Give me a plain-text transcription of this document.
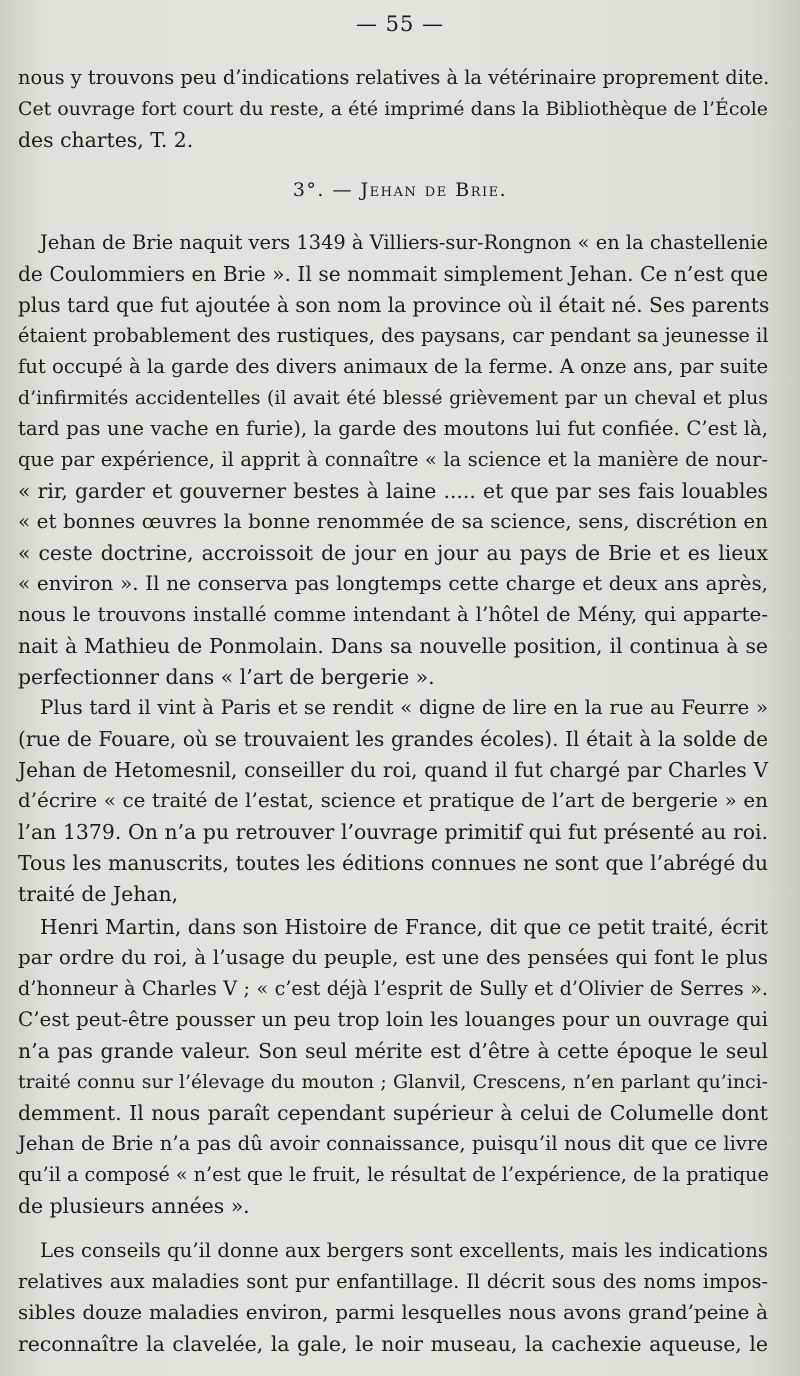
— 55 —
nous y trouvons peu d’indications relatives à la vétérinaire proprement dite.
Cet ouvrage fort court du reste, a été imprimé dans la Bibliothèque de l’École
des chartes, T. 2.
3°. — Jehan de Brie.
Jehan de Brie naquit vers 1349 à Villiers-sur-Rongnon « en la chastellenie
de Coulommiers en Brie ». Il se nommait simplement Jehan. Ce n’est que
plus tard que fut ajoutée à son nom la province où il était né. Ses parents
étaient probablement des rustiques, des paysans, car pendant sa jeunesse il
fut occupé à la garde des divers animaux de la ferme. A onze ans, par suite
d’infirmités accidentelles (il avait été blessé grièvement par un cheval et plus
tard pas une vache en furie), la garde des moutons lui fut confiée. C’est là,
que par expérience, il apprit à connaître « la science et la manière de nour-
« rir, garder et gouverner bestes à laine ..... et que par ses fais louables
« et bonnes œuvres la bonne renommée de sa science, sens, discrétion en
« ceste doctrine, accroissoit de jour en jour au pays de Brie et es lieux
« environ ». Il ne conserva pas longtemps cette charge et deux ans après,
nous le trouvons installé comme intendant à l’hôtel de Mény, qui apparte-
nait à Mathieu de Ponmolain. Dans sa nouvelle position, il continua à se
perfectionner dans « l’art de bergerie ».
Plus tard il vint à Paris et se rendit « digne de lire en la rue au Feurre »
(rue de Fouare, où se trouvaient les grandes écoles). Il était à la solde de
Jehan de Hetomesnil, conseiller du roi, quand il fut chargé par Charles V
d’écrire « ce traité de l’estat, science et pratique de l’art de bergerie » en
l’an 1379. On n’a pu retrouver l’ouvrage primitif qui fut présenté au roi.
Tous les manuscrits, toutes les éditions connues ne sont que l’abrégé du
traité de Jehan,
Henri Martin, dans son Histoire de France, dit que ce petit traité, écrit
par ordre du roi, à l’usage du peuple, est une des pensées qui font le plus
d’honneur à Charles V ; « c’est déjà l’esprit de Sully et d’Olivier de Serres ».
C’est peut-être pousser un peu trop loin les louanges pour un ouvrage qui
n’a pas grande valeur. Son seul mérite est d’être à cette époque le seul
traité connu sur l’élevage du mouton ; Glanvil, Crescens, n’en parlant qu’inci-
demment. Il nous paraît cependant supérieur à celui de Columelle dont
Jehan de Brie n’a pas dû avoir connaissance, puisqu’il nous dit que ce livre
qu’il a composé « n’est que le fruit, le résultat de l’expérience, de la pratique
de plusieurs années ».
Les conseils qu’il donne aux bergers sont excellents, mais les indications
relatives aux maladies sont pur enfantillage. Il décrit sous des noms impos-
sibles douze maladies environ, parmi lesquelles nous avons grand’peine à
reconnaître la clavelée, la gale, le noir museau, la cachexie aqueuse, le
